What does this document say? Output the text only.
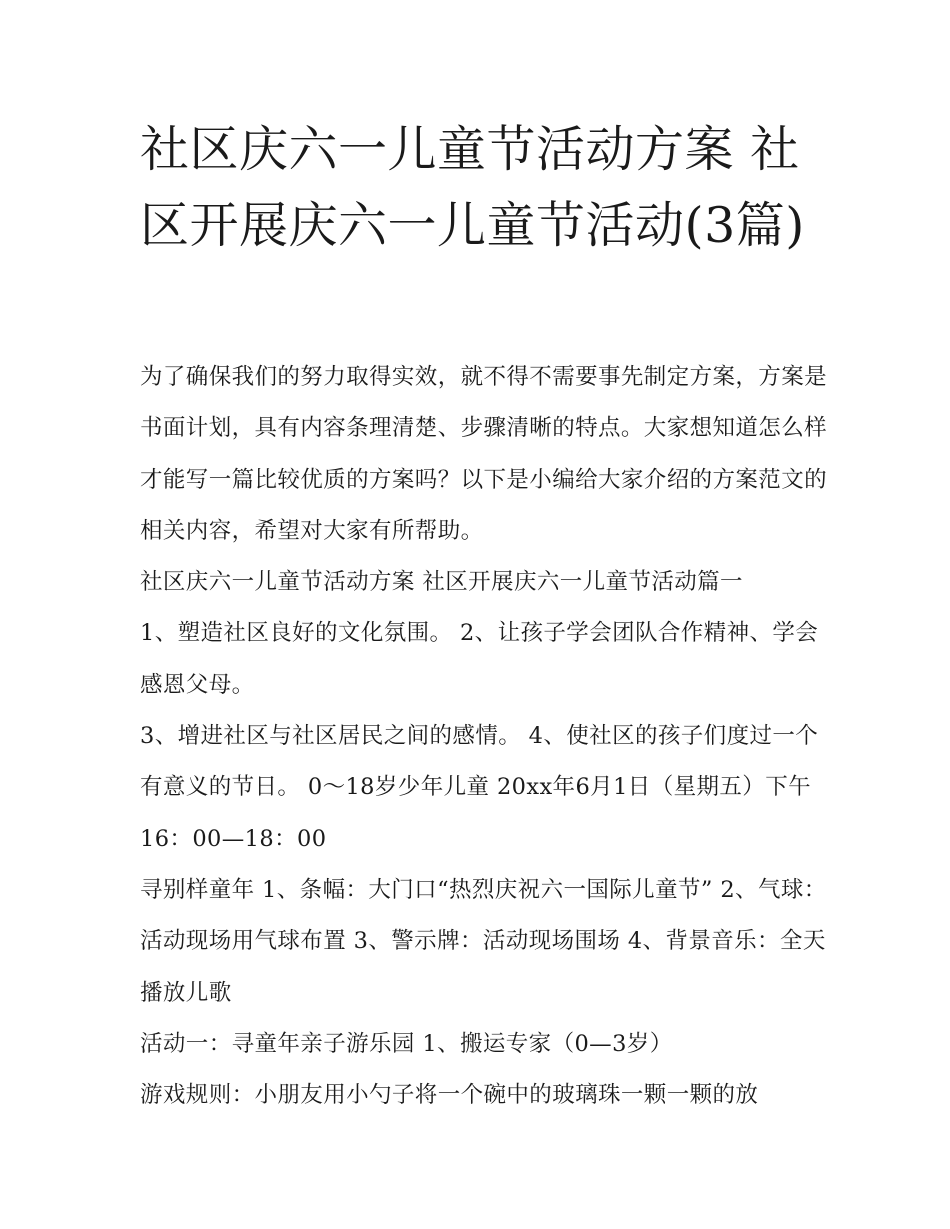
社区庆六一儿童节活动方案 社区开展庆六一儿童节活动(3篇)

为了确保我们的努力取得实效，就不得不需要事先制定方案，方案是书面计划，具有内容条理清楚、步骤清晰的特点。大家想知道怎么样才能写一篇比较优质的方案吗？以下是小编给大家介绍的方案范文的相关内容，希望对大家有所帮助。

社区庆六一儿童节活动方案 社区开展庆六一儿童节活动篇一

1、塑造社区良好的文化氛围。 2、让孩子学会团队合作精神、学会感恩父母。

3、增进社区与社区居民之间的感情。 4、使社区的孩子们度过一个有意义的节日。 0～18岁少年儿童 20xx年6月1日（星期五）下午16：00—18：00

寻别样童年 1、条幅：大门口“热烈庆祝六一国际儿童节” 2、气球：活动现场用气球布置 3、警示牌：活动现场围场 4、背景音乐：全天播放儿歌

活动一：寻童年亲子游乐园 1、搬运专家（0—3岁）

游戏规则：小朋友用小勺子将一个碗中的玻璃珠一颗一颗的放
